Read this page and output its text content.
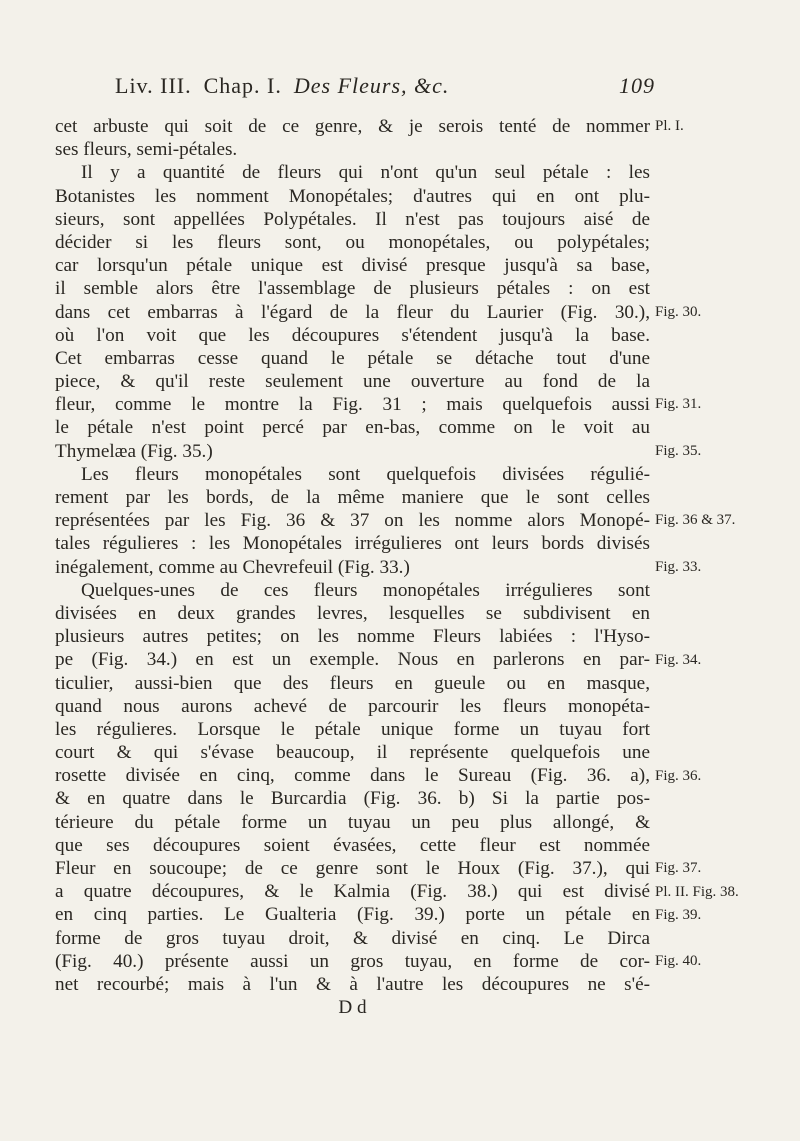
Liv. III. Chap. I. Des Fleurs, &c.	109
cet arbuste qui soit de ce genre, & je serois tenté de nommer
ses fleurs, semi-pétales.
Il y a quantité de fleurs qui n'ont qu'un seul pétale : les
Botanistes les nomment Monopétales; d'autres qui en ont plu-
sieurs, sont appellées Polypétales. Il n'est pas toujours aisé de
décider si les fleurs sont, ou monopétales, ou polypétales;
car lorsqu'un pétale unique est divisé presque jusqu'à sa base,
il semble alors être l'assemblage de plusieurs pétales : on est
dans cet embarras à l'égard de la fleur du Laurier (Fig. 30.),
où l'on voit que les découpures s'étendent jusqu'à la base.
Cet embarras cesse quand le pétale se détache tout d'une
piece, & qu'il reste seulement une ouverture au fond de la
fleur, comme le montre la Fig. 31 ; mais quelquefois aussi
le pétale n'est point percé par en-bas, comme on le voit au
Thymelæa (Fig. 35.)
Les fleurs monopétales sont quelquefois divisées régulié-
rement par les bords, de la même maniere que le sont celles
représentées par les Fig. 36 & 37 on les nomme alors Monopé-
tales régulieres : les Monopétales irrégulieres ont leurs bords divisés
inégalement, comme au Chevrefeuil (Fig. 33.)
Quelques-unes de ces fleurs monopétales irrégulieres sont
divisées en deux grandes levres, lesquelles se subdivisent en
plusieurs autres petites; on les nomme Fleurs labiées : l'Hyso-
pe (Fig. 34.) en est un exemple. Nous en parlerons en par-
ticulier, aussi-bien que des fleurs en gueule ou en masque,
quand nous aurons achevé de parcourir les fleurs monopéta-
les régulieres. Lorsque le pétale unique forme un tuyau fort
court & qui s'évase beaucoup, il représente quelquefois une
rosette divisée en cinq, comme dans le Sureau (Fig. 36. a),
& en quatre dans le Burcardia (Fig. 36. b) Si la partie pos-
térieure du pétale forme un tuyau un peu plus allongé, &
que ses découpures soient évasées, cette fleur est nommée
Fleur en soucoupe; de ce genre sont le Houx (Fig. 37.), qui
a quatre découpures, & le Kalmia (Fig. 38.) qui est divisé
en cinq parties. Le Gualteria (Fig. 39.) porte un pétale en
forme de gros tuyau droit, & divisé en cinq. Le Dirca
(Fig. 40.) présente aussi un gros tuyau, en forme de cor-
net recourbé; mais à l'un & à l'autre les découpures ne s'é-
D d
Pl. I.
Fig. 30.
Fig. 31.
Fig. 35.
Fig. 36 & 37.
Fig. 33.
Fig. 34.
Fig. 36.
Fig. 37.
Pl. II. Fig. 38.
Fig. 39.
Fig. 40.
